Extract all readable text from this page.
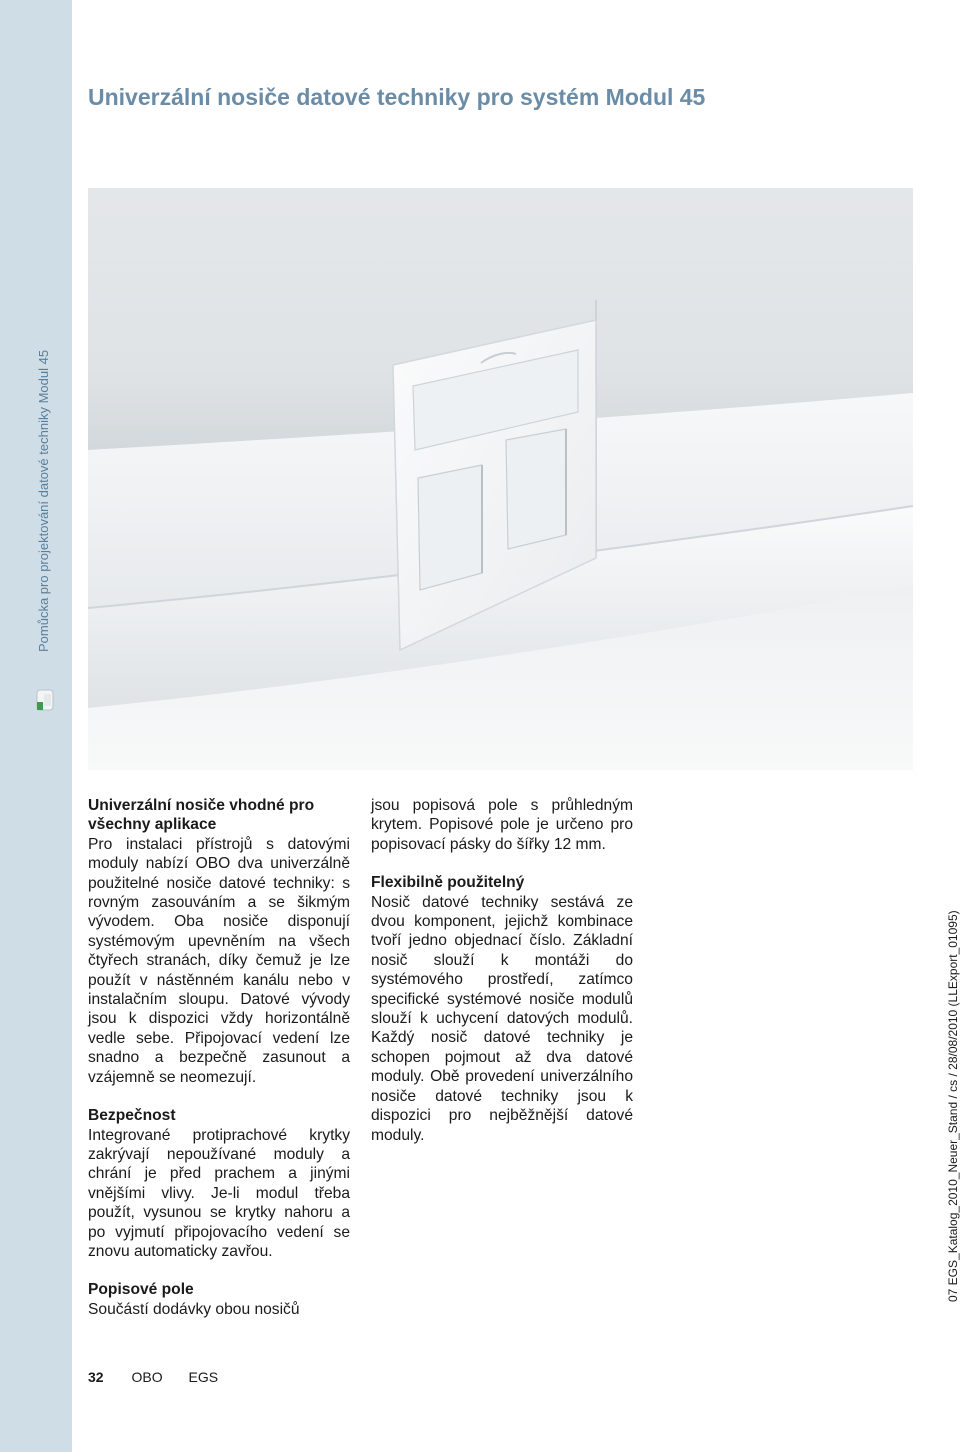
Pomůcka pro projektování datové techniky Modul 45
Univerzální nosiče datové techniky pro systém Modul 45
Univerzální nosiče vhodné pro všechny aplikace

Pro instalaci přístrojů s datovými moduly nabízí OBO dva univerzálně použitelné nosiče datové techniky: s rovným zasouváním a se šikmým vývodem. Oba nosiče disponují systémovým upevněním na všech čtyřech stranách, díky čemuž je lze použít v nástěnném kanálu nebo v instalačním sloupu. Datové vývody jsou k dispozici vždy horizontálně vedle sebe. Připojovací vedení lze snadno a bezpečně zasunout a vzájemně se neomezují.

Bezpečnost

Integrované protiprachové krytky zakrývají nepoužívané moduly a chrání je před prachem a jinými vnějšími vlivy. Je-li modul třeba použít, vysunou se krytky nahoru a po vyjmutí připojovacího vedení se znovu automaticky zavřou.

Popisové pole

Součástí dodávky obou nosičů

jsou popisová pole s průhledným krytem. Popisové pole je určeno pro popisovací pásky do šířky 12 mm.

Flexibilně použitelný

Nosič datové techniky sestává ze dvou komponent, jejichž kombinace tvoří jedno objednací číslo. Základní nosič slouží k montáži do systémového prostředí, zatímco specifické systémové nosiče modulů slouží k uchycení datových modulů. Každý nosič datové techniky je schopen pojmout až dva datové moduly. Obě provedení univerzálního nosiče datové techniky jsou k dispozici pro nejběžnější datové moduly.	07 EGS_Katalog_2010_Neuer_Stand / cs / 28/08/2010 (LLExport_01095)
32 OBO EGS
